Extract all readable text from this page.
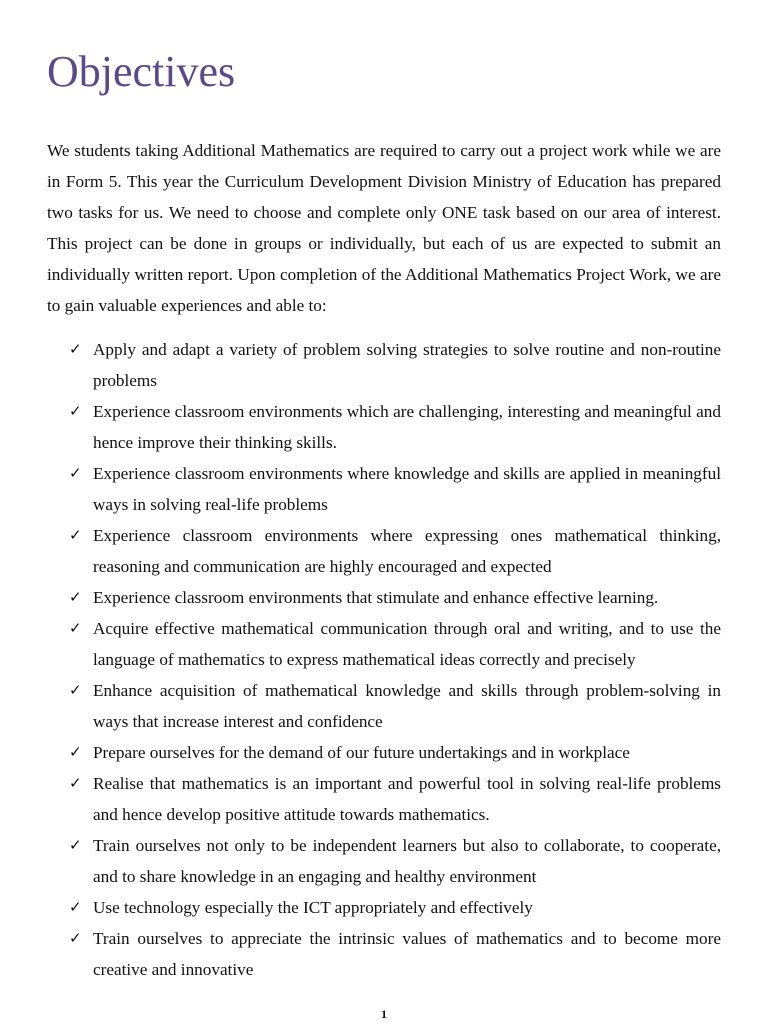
Objectives

We students taking Additional Mathematics are required to carry out a project work while we are in Form 5. This year the Curriculum Development Division Ministry of Education has prepared two tasks for us. We need to choose and complete only ONE task based on our area of interest. This project can be done in groups or individually, but each of us are expected to submit an individually written report. Upon completion of the Additional Mathematics Project Work, we are to gain valuable experiences and able to:

✓ Apply and adapt a variety of problem solving strategies to solve routine and non-routine problems
✓ Experience classroom environments which are challenging, interesting and meaningful and hence improve their thinking skills.
✓ Experience classroom environments where knowledge and skills are applied in meaningful ways in solving real-life problems
✓ Experience classroom environments where expressing ones mathematical thinking, reasoning and communication are highly encouraged and expected
✓ Experience classroom environments that stimulate and enhance effective learning.
✓ Acquire effective mathematical communication through oral and writing, and to use the language of mathematics to express mathematical ideas correctly and precisely
✓ Enhance acquisition of mathematical knowledge and skills through problem-solving in ways that increase interest and confidence
✓ Prepare ourselves for the demand of our future undertakings and in workplace
✓ Realise that mathematics is an important and powerful tool in solving real-life problems and hence develop positive attitude towards mathematics.
✓ Train ourselves not only to be independent learners but also to collaborate, to cooperate, and to share knowledge in an engaging and healthy environment
✓ Use technology especially the ICT appropriately and effectively
✓ Train ourselves to appreciate the intrinsic values of mathematics and to become more creative and innovative
1
